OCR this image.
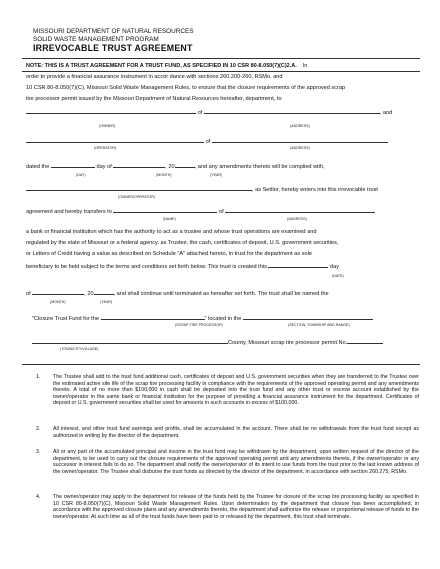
MISSOURI DEPARTMENT OF NATURAL RESOURCES
SOLID WASTE MANAGEMENT PROGRAM
IRREVOCABLE TRUST AGREEMENT
NOTE: THIS IS A TRUST AGREEMENT FOR A TRUST FUND, AS SPECIFIED IN 10 CSR 80-8.050(7)(C)2.A. In
order to provide a financial assurance instrument in accor dance with sections 260.200-260, RSMo. and
10 CSR 80-8.050(7)(C), Missouri Solid Waste Management Rules, to ensure that the closure requirements of the approved scrap
tire processor permit issued by the Missouri Department of Natural Resources hereafter, department, to
of	, and
(OWNER)	(ADDRESS)
of
(OPERATOR)	(ADDRESS)
dated the	day of	, 20	, and any amendments thereto will be complied with,
(DAY)	(MONTH)	(YEAR)
, as Settlor, hereby enters into this irrevocable trust
(OWNER/OPERATOR)
agreement and hereby transfers to	of
(NAME)	(ADDRESS)
a bank or financial institution which has the authority to act as a trustee and whose trust operations are examined and
regulated by the state of Missouri or a federal agency, as Trustee, the cash, certificates of deposit, U.S. government securities,
or Letters of Credit having a value as described on Schedule "A" attached hereto, in trust for the department as sole
beneficiary to be held subject to the terms and conditions set forth below. This trust is created this	day
(DATE)
of	, 20	, and shall continue until terminated as hereafter set forth. The trust shall be named the
(MONTH)	(YEAR)
"Closure Trust Fund for the	" located in the
(SCRAP TIRE PROCESSOR)	(SECTION, TOWNSHIP AND RANGE)
County, Missouri scrap tire processor permit No.
(TOWN/CITY/VILLAGE)
1.	The Trustee shall add to the trust fund additional cash, certificates of deposit and U.S. government securities when they are transferred to the Trustee over the estimated active site life of the scrap tire processing facility in compliance with the requirements of the approved operating permit and any amendments thereto. A total of no more than $100,000 in cash shall be deposited into the trust fund and any other trust or escrow account established by the owner/operator in the same bank or financial institution for the purpose of providing a financial assurance instrument for the department. Certificates of deposit or U.S. government securities shall be used for amounts in such accounts in excess of $100,000.
2.	All interest, and other trust fund earnings and profits, shall be accumulated in the account. There shall be no withdrawals from the trust fund except as authorized in writing by the director of the department.
3.	All or any part of the accumulated principal and income in the trust fund may be withdrawn by the department, upon written request of the director of the department, to be used to carry out the closure requirements of the approved operating permit and any amendments thereto, if the owner/operator or any successor in interest fails to do so. The department shall notify the owner/operator of its intent to use funds from the trust prior to the last known address of the owner/operator. The Trustee shall disburse the trust funds as directed by the director of the department, in accordance with section 260.275, RSMo.
4.	The owner/operator may apply to the department for release of the funds held by the Trustee for closure of the scrap tire processing facility as specified in 10 CSR 80-8.050(7)(C), Missouri Solid Waste Management Rules. Upon determination by the department that closure has been accomplished, in accordance with the approved closure plans and any amendments thereto, the department shall authorize the release or proportional release of funds to the owner/operator. At such time as all of the trust funds have been paid to or released by the department, this trust shall terminate.
